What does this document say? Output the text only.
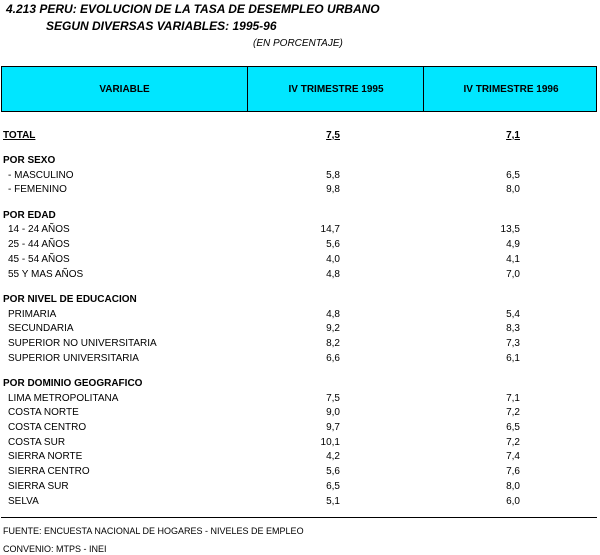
4.213 PERU: EVOLUCION DE LA TASA DE DESEMPLEO URBANO
SEGUN DIVERSAS VARIABLES: 1995-96
(EN PORCENTAJE)
VARIABLE	IV TRIMESTRE 1995	IV TRIMESTRE 1996
TOTAL	7,5	7,1
POR SEXO
- MASCULINO	5,8	6,5
- FEMENINO	9,8	8,0
POR EDAD
14 - 24 AÑOS	14,7	13,5
25 - 44 AÑOS	5,6	4,9
45 - 54 AÑOS	4,0	4,1
55 Y MAS AÑOS	4,8	7,0
POR NIVEL DE EDUCACION
PRIMARIA	4,8	5,4
SECUNDARIA	9,2	8,3
SUPERIOR NO UNIVERSITARIA	8,2	7,3
SUPERIOR UNIVERSITARIA	6,6	6,1
POR DOMINIO GEOGRAFICO
LIMA METROPOLITANA	7,5	7,1
COSTA NORTE	9,0	7,2
COSTA CENTRO	9,7	6,5
COSTA SUR	10,1	7,2
SIERRA NORTE	4,2	7,4
SIERRA CENTRO	5,6	7,6
SIERRA SUR	6,5	8,0
SELVA	5,1	6,0
FUENTE: ENCUESTA NACIONAL DE HOGARES - NIVELES DE EMPLEO
CONVENIO: MTPS - INEI
